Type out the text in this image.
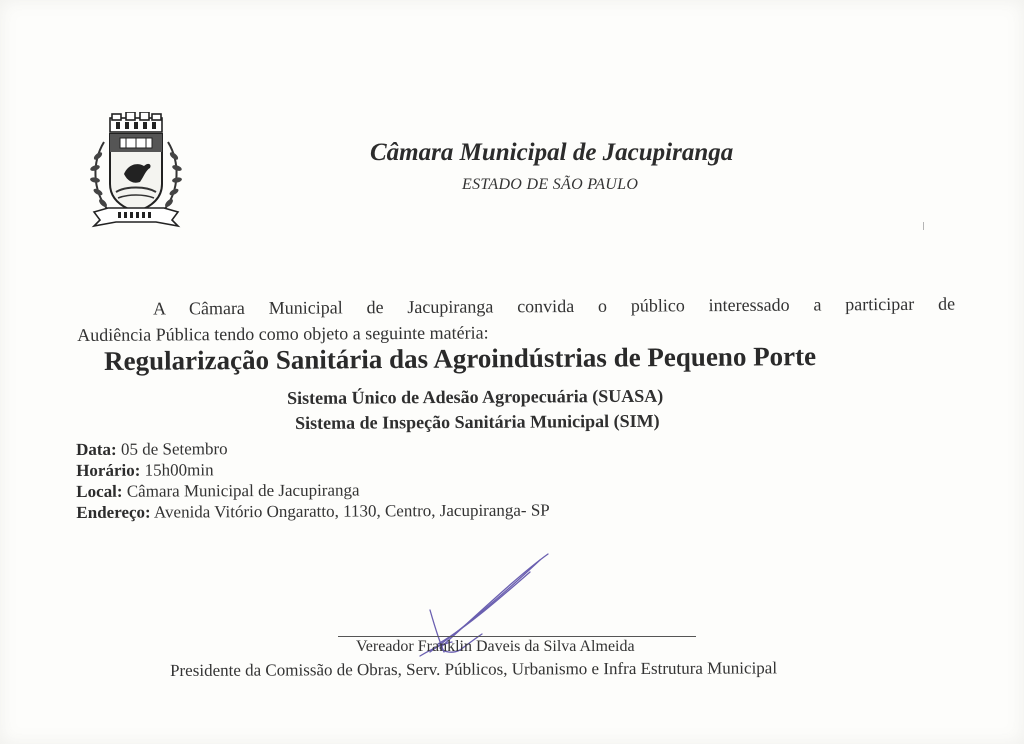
Câmara Municipal de Jacupiranga
ESTADO DE SÃO PAULO
A Câmara Municipal de Jacupiranga convida o público interessado a participar de
Audiência Pública tendo como objeto a seguinte matéria:
Regularização Sanitária das Agroindústrias de Pequeno Porte
Sistema Único de Adesão Agropecuária (SUASA)
Sistema de Inspeção Sanitária Municipal (SIM)
Data: 05 de Setembro
Horário: 15h00min
Local: Câmara Municipal de Jacupiranga
Endereço: Avenida Vitório Ongaratto, 1130, Centro, Jacupiranga- SP
Vereador Franklin Daveis da Silva Almeida
Presidente da Comissão de Obras, Serv. Públicos, Urbanismo e Infra Estrutura Municipal
